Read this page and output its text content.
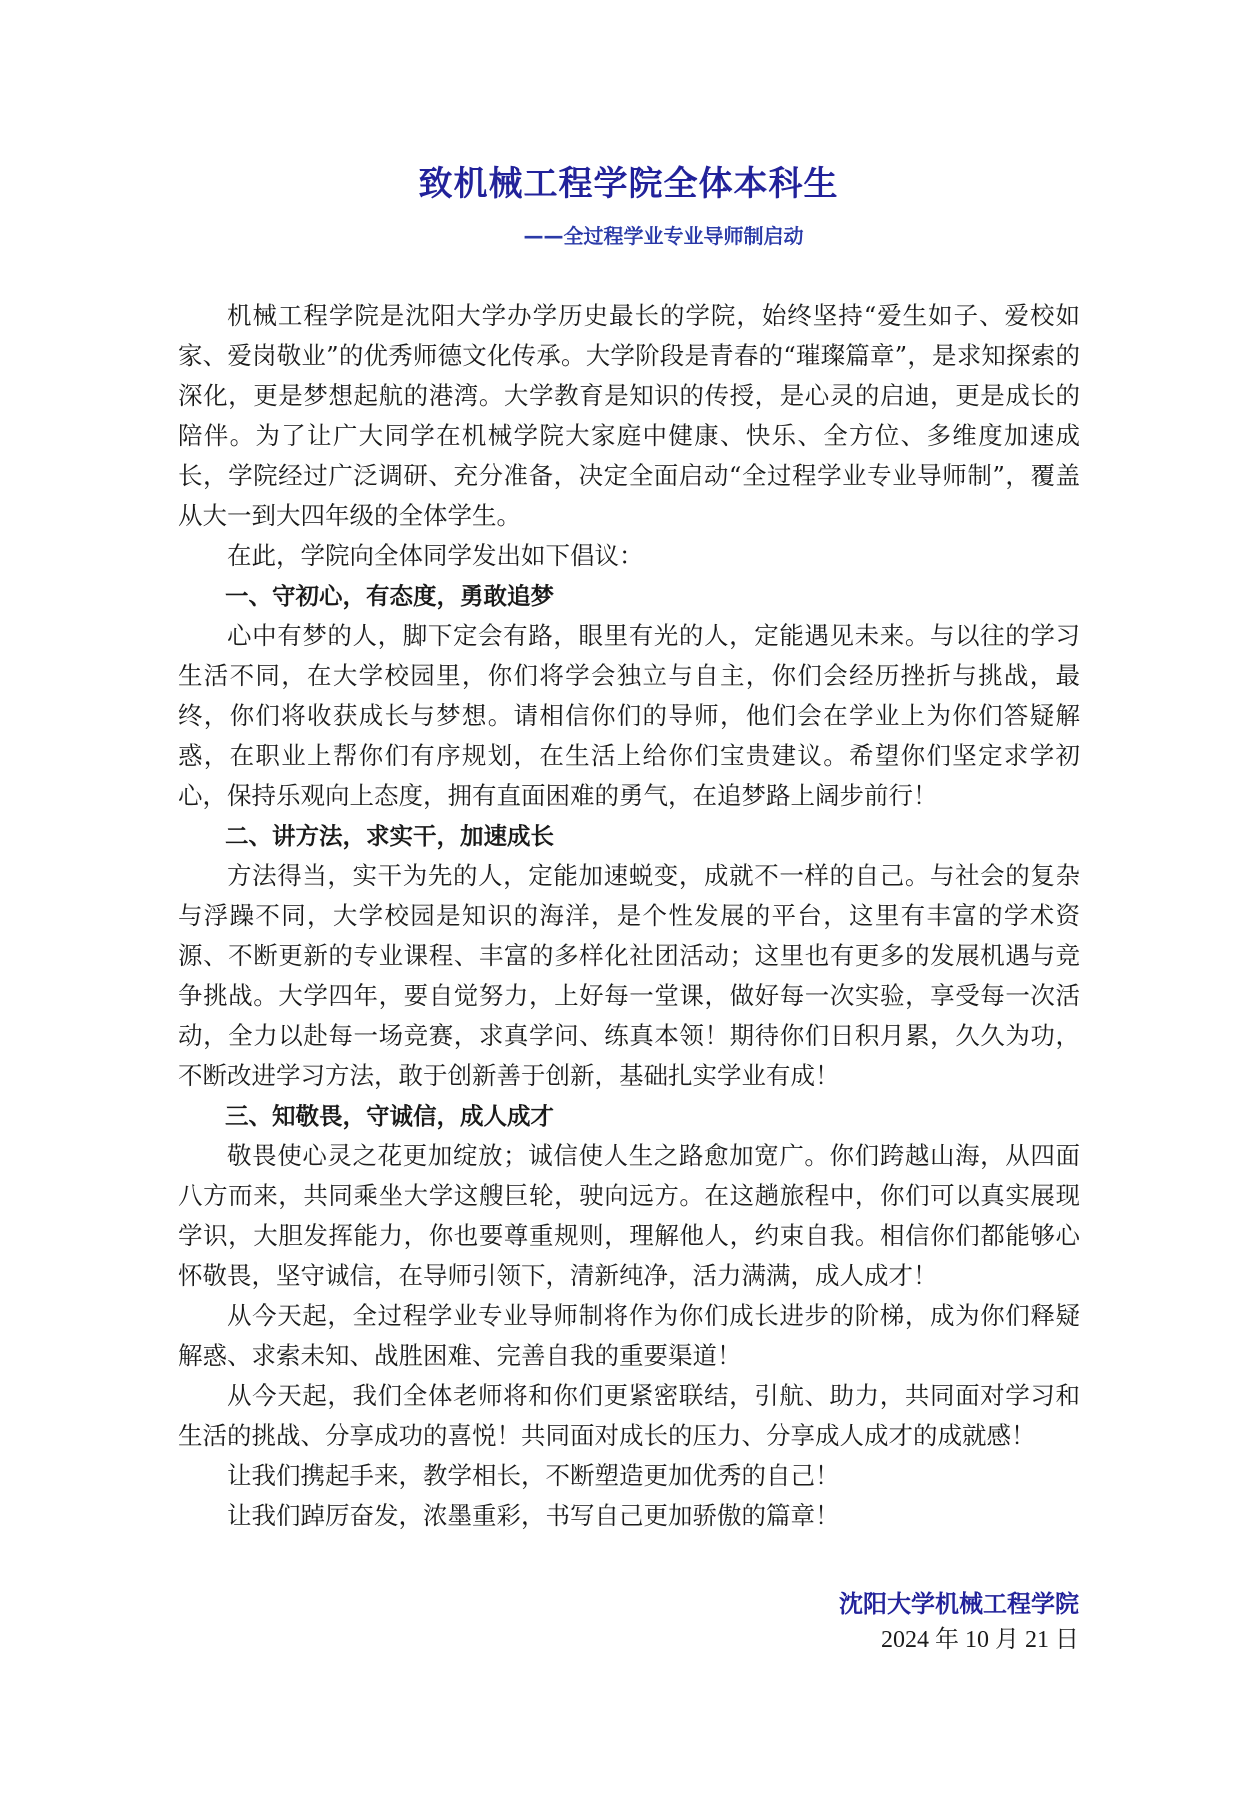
致机械工程学院全体本科生
——全过程学业专业导师制启动

机械工程学院是沈阳大学办学历史最长的学院，始终坚持“爱生如子、爱校如家、爱岗敬业”的优秀师德文化传承。大学阶段是青春的“璀璨篇章”，是求知探索的深化，更是梦想起航的港湾。大学教育是知识的传授，是心灵的启迪，更是成长的陪伴。为了让广大同学在机械学院大家庭中健康、快乐、全方位、多维度加速成长，学院经过广泛调研、充分准备，决定全面启动“全过程学业专业导师制”，覆盖从大一到大四年级的全体学生。

在此，学院向全体同学发出如下倡议：

一、守初心，有态度，勇敢追梦

心中有梦的人，脚下定会有路，眼里有光的人，定能遇见未来。与以往的学习生活不同，在大学校园里，你们将学会独立与自主，你们会经历挫折与挑战，最终，你们将收获成长与梦想。请相信你们的导师，他们会在学业上为你们答疑解惑，在职业上帮你们有序规划，在生活上给你们宝贵建议。希望你们坚定求学初心，保持乐观向上态度，拥有直面困难的勇气，在追梦路上阔步前行！

二、讲方法，求实干，加速成长

方法得当，实干为先的人，定能加速蜕变，成就不一样的自己。与社会的复杂与浮躁不同，大学校园是知识的海洋，是个性发展的平台，这里有丰富的学术资源、不断更新的专业课程、丰富的多样化社团活动；这里也有更多的发展机遇与竞争挑战。大学四年，要自觉努力，上好每一堂课，做好每一次实验，享受每一次活动，全力以赴每一场竞赛，求真学问、练真本领！期待你们日积月累，久久为功，不断改进学习方法，敢于创新善于创新，基础扎实学业有成！

三、知敬畏，守诚信，成人成才

敬畏使心灵之花更加绽放；诚信使人生之路愈加宽广。你们跨越山海，从四面八方而来，共同乘坐大学这艘巨轮，驶向远方。在这趟旅程中，你们可以真实展现学识，大胆发挥能力，你也要尊重规则，理解他人，约束自我。相信你们都能够心怀敬畏，坚守诚信，在导师引领下，清新纯净，活力满满，成人成才！

从今天起，全过程学业专业导师制将作为你们成长进步的阶梯，成为你们释疑解惑、求索未知、战胜困难、完善自我的重要渠道！

从今天起，我们全体老师将和你们更紧密联结，引航、助力，共同面对学习和生活的挑战、分享成功的喜悦！共同面对成长的压力、分享成人成才的成就感！

让我们携起手来，教学相长，不断塑造更加优秀的自己！

让我们踔厉奋发，浓墨重彩，书写自己更加骄傲的篇章！

沈阳大学机械工程学院
2024 年 10 月 21 日
